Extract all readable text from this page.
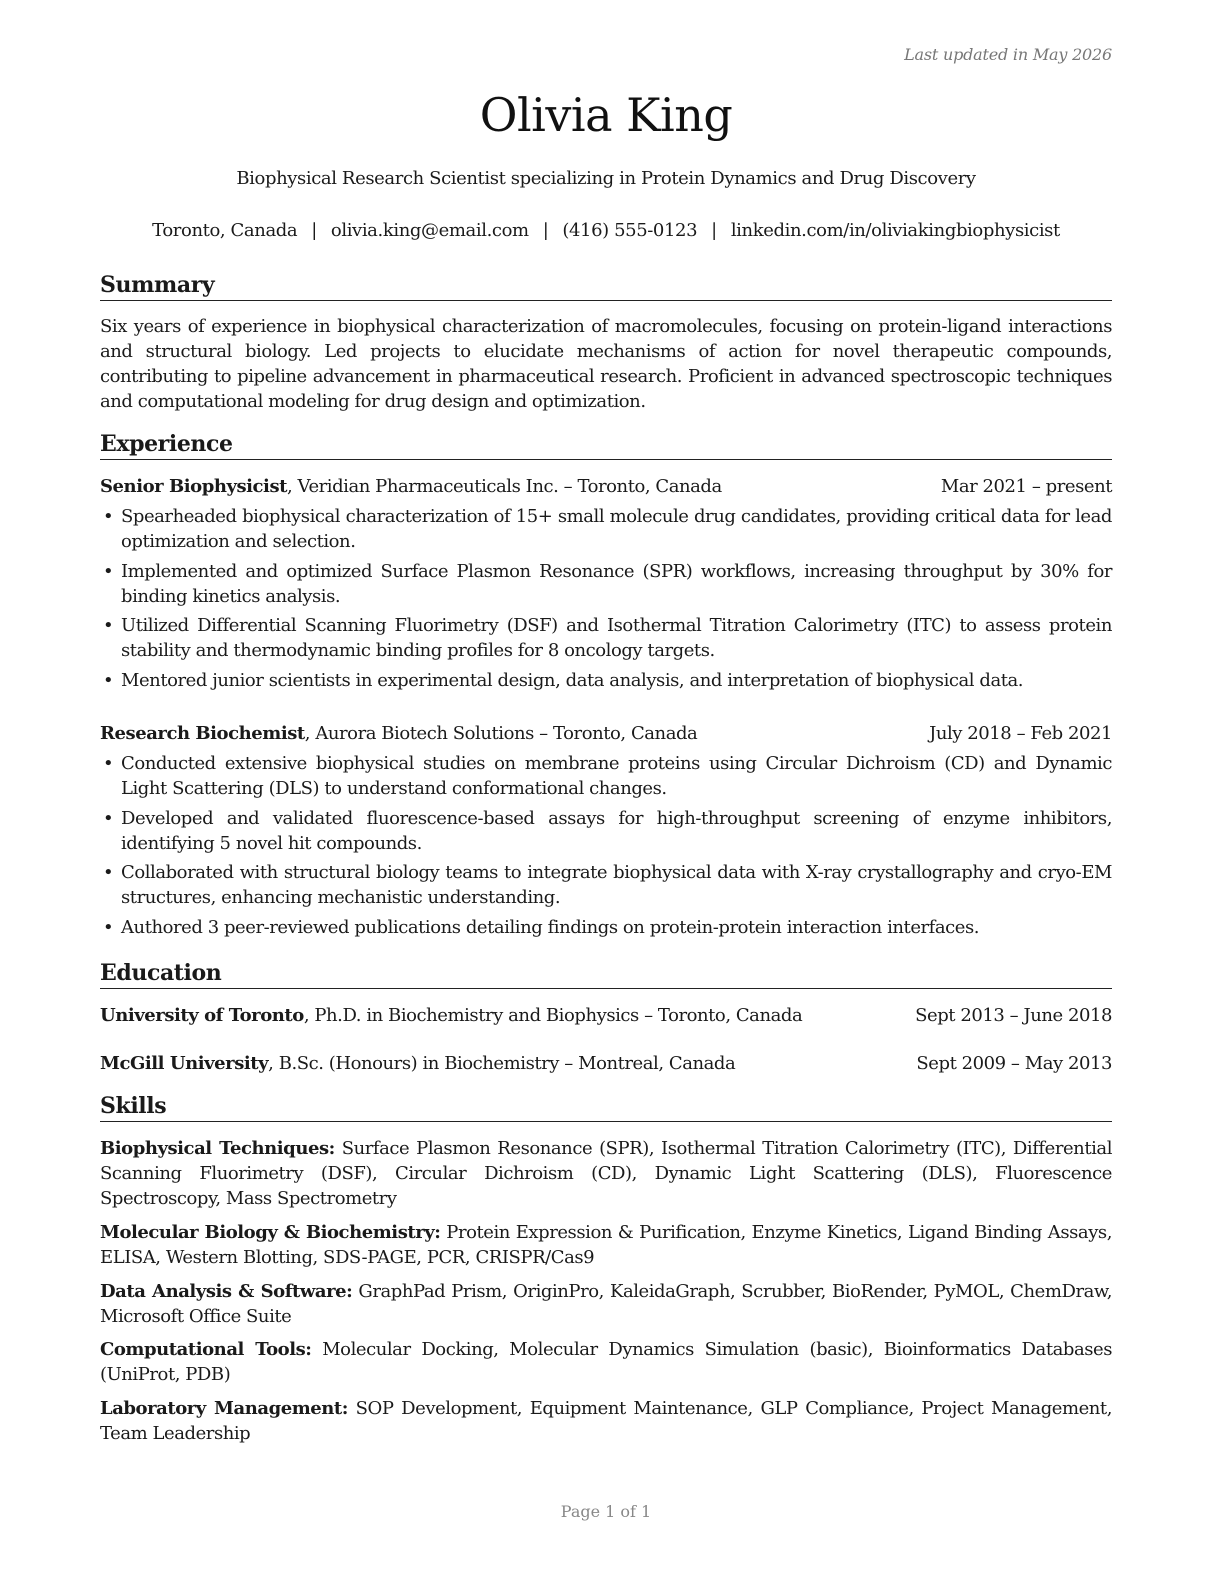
Last updated in May 2026
Olivia King
Biophysical Research Scientist specializing in Protein Dynamics and Drug Discovery
Toronto, Canada | olivia.king@email.com | (416) 555-0123 | linkedin.com/in/oliviakingbiophysicist
Summary
Six years of experience in biophysical characterization of macromolecules, focusing on protein-ligand interactions and structural biology. Led projects to elucidate mechanisms of action for novel therapeutic compounds, contributing to pipeline advancement in pharmaceutical research. Proficient in advanced spectroscopic techniques and computational modeling for drug design and optimization.
Experience
Senior Biophysicist, Veridian Pharmaceuticals Inc. – Toronto, Canada	Mar 2021 – present
• Spearheaded biophysical characterization of 15+ small molecule drug candidates, providing critical data for lead optimization and selection.
• Implemented and optimized Surface Plasmon Resonance (SPR) workflows, increasing throughput by 30% for binding kinetics analysis.
• Utilized Differential Scanning Fluorimetry (DSF) and Isothermal Titration Calorimetry (ITC) to assess protein stability and thermodynamic binding profiles for 8 oncology targets.
• Mentored junior scientists in experimental design, data analysis, and interpretation of biophysical data.
Research Biochemist, Aurora Biotech Solutions – Toronto, Canada	July 2018 – Feb 2021
• Conducted extensive biophysical studies on membrane proteins using Circular Dichroism (CD) and Dynamic Light Scattering (DLS) to understand conformational changes.
• Developed and validated fluorescence-based assays for high-throughput screening of enzyme inhibitors, identifying 5 novel hit compounds.
• Collaborated with structural biology teams to integrate biophysical data with X-ray crystallography and cryo-EM structures, enhancing mechanistic understanding.
• Authored 3 peer-reviewed publications detailing findings on protein-protein interaction interfaces.
Education
University of Toronto, Ph.D. in Biochemistry and Biophysics – Toronto, Canada	Sept 2013 – June 2018
McGill University, B.Sc. (Honours) in Biochemistry – Montreal, Canada	Sept 2009 – May 2013
Skills
Biophysical Techniques: Surface Plasmon Resonance (SPR), Isothermal Titration Calorimetry (ITC), Differential Scanning Fluorimetry (DSF), Circular Dichroism (CD), Dynamic Light Scattering (DLS), Fluorescence Spectroscopy, Mass Spectrometry
Molecular Biology & Biochemistry: Protein Expression & Purification, Enzyme Kinetics, Ligand Binding Assays, ELISA, Western Blotting, SDS-PAGE, PCR, CRISPR/Cas9
Data Analysis & Software: GraphPad Prism, OriginPro, KaleidaGraph, Scrubber, BioRender, PyMOL, ChemDraw, Microsoft Office Suite
Computational Tools: Molecular Docking, Molecular Dynamics Simulation (basic), Bioinformatics Databases (UniProt, PDB)
Laboratory Management: SOP Development, Equipment Maintenance, GLP Compliance, Project Management, Team Leadership
Page 1 of 1
